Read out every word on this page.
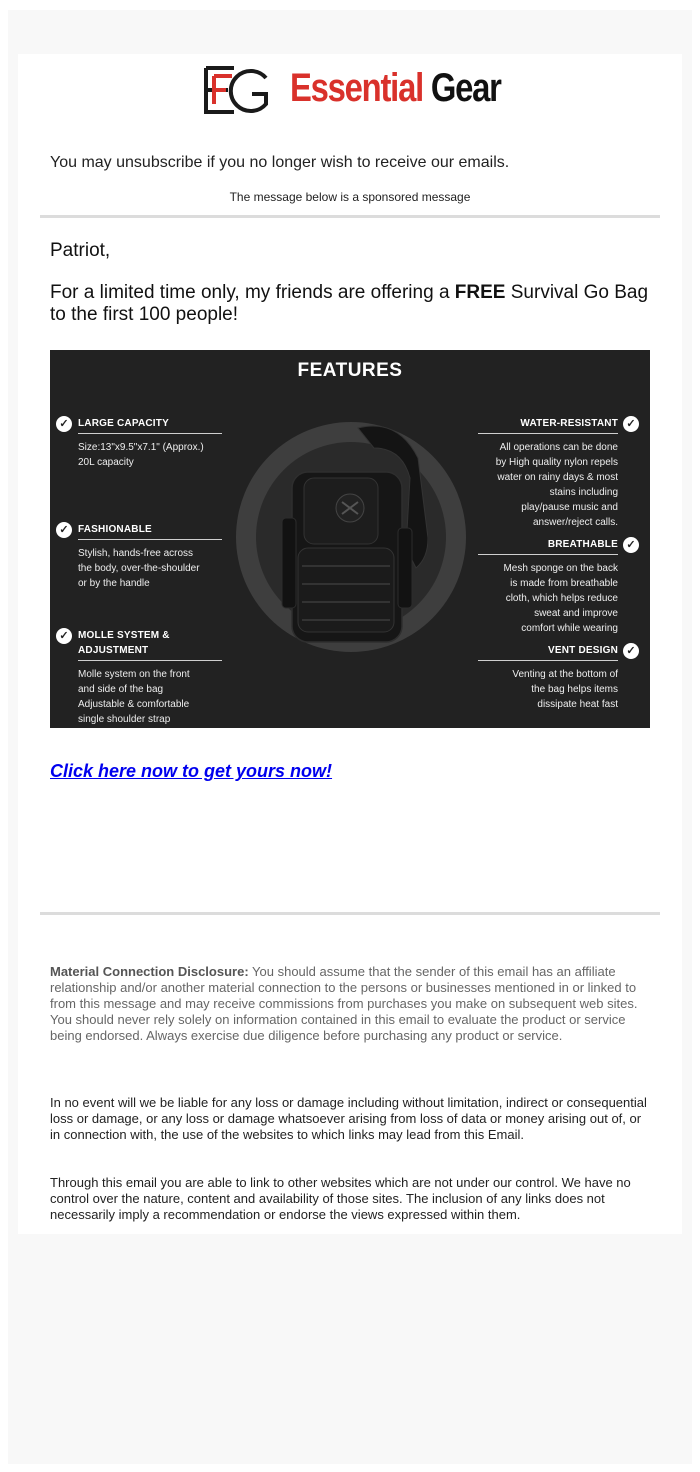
Essential Gear
You may unsubscribe if you no longer wish to receive our emails.
The message below is a sponsored message
Patriot,
For a limited time only, my friends are offering a FREE Survival Go Bag to the first 100 people!
FEATURES
✓ LARGE CAPACITY
Size:13"x9.5"x7.1" (Approx.)
20L capacity
✓ FASHIONABLE
Stylish, hands-free across
the body, over-the-shoulder
or by the handle
✓ MOLLE SYSTEM &
ADJUSTMENT
Molle system on the front
and side of the bag
Adjustable & comfortable
single shoulder strap
✓
WATER-RESISTANT
All operations can be done
by High quality nylon repels
water on rainy days & most
stains including
play/pause music and
answer/reject calls.
✓
BREATHABLE
Mesh sponge on the back
is made from breathable
cloth, which helps reduce
sweat and improve
comfort while wearing
✓
VENT DESIGN
Venting at the bottom of
the bag helps items
dissipate heat fast
Click here now to get yours now!
Material Connection Disclosure: You should assume that the sender of this email has an affiliate relationship and/or another material connection to the persons or businesses mentioned in or linked to from this message and may receive commissions from purchases you make on subsequent web sites. You should never rely solely on information contained in this email to evaluate the product or service being endorsed. Always exercise due diligence before purchasing any product or service.
In no event will we be liable for any loss or damage including without limitation, indirect or consequential loss or damage, or any loss or damage whatsoever arising from loss of data or money arising out of, or in connection with, the use of the websites to which links may lead from this Email.
Through this email you are able to link to other websites which are not under our control. We have no control over the nature, content and availability of those sites. The inclusion of any links does not necessarily imply a recommendation or endorse the views expressed within them.
